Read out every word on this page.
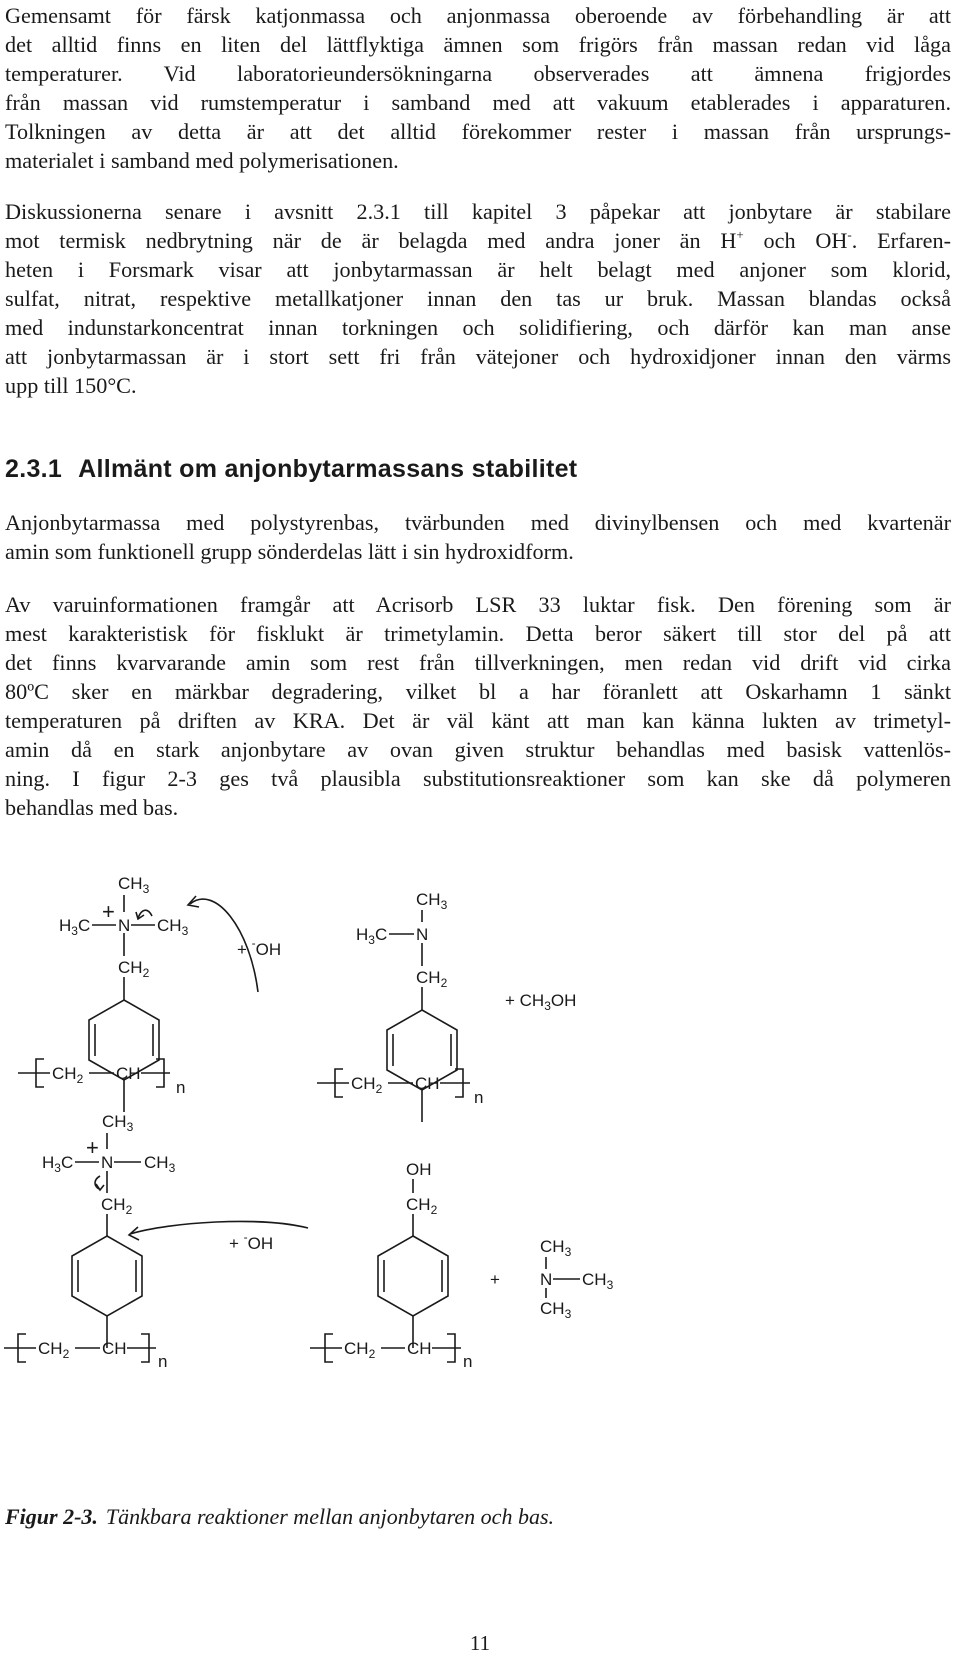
Gemensamt för färsk katjonmassa och anjonmassa oberoende av förbehandling är att
det alltid finns en liten del lättflyktiga ämnen som frigörs från massan redan vid låga
temperaturer. Vid laboratorieundersökningarna observerades att ämnena frigjordes
från massan vid rumstemperatur i samband med att vakuum etablerades i apparaturen.
Tolkningen av detta är att det alltid förekommer rester i massan från ursprungs-
materialet i samband med polymerisationen.
Diskussionerna senare i avsnitt 2.3.1 till kapitel 3 påpekar att jonbytare är stabilare
mot termisk nedbrytning när de är belagda med andra joner än H+ och OH-. Erfaren-
heten i Forsmark visar att jonbytarmassan är helt belagt med anjoner som klorid,
sulfat, nitrat, respektive metallkatjoner innan den tas ur bruk. Massan blandas också
med indunstarkoncentrat innan torkningen och solidifiering, och därför kan man anse
att jonbytarmassan är i stort sett fri från vätejoner och hydroxidjoner innan den värms
upp till 150°C.
2.3.1 Allmänt om anjonbytarmassans stabilitet
Anjonbytarmassa med polystyrenbas, tvärbunden med divinylbensen och med kvartenär
amin som funktionell grupp sönderdelas lätt i sin hydroxidform.
Av varuinformationen framgår att Acrisorb LSR 33 luktar fisk. Den förening som är
mest karakteristisk för fisklukt är trimetylamin. Detta beror säkert till stor del på att
det finns kvarvarande amin som rest från tillverkningen, men redan vid drift vid cirka
80ºC sker en märkbar degradering, vilket bl a har föranlett att Oskarhamn 1 sänkt
temperaturen på driften av KRA. Det är väl känt att man kan känna lukten av trimetyl-
amin då en stark anjonbytare av ovan given struktur behandlas med basisk vattenlös-
ning. I figur 2-3 ges två plausibla substitutionsreaktioner som kan ske då polymeren
behandlas med bas.
$CH_3$
$H_3C$
+
N $CH_3$
$CH_2$
$CH_2$ CH
n
+ -OH
$CH_3$
$H_3C$ N
$CH_2$
$CH_2$ CH
n
+ $CH_3OH$
$CH_3$
+
$H_3C$ N $CH_3$
$CH_2$
$CH_2$ CH
n
+ -OH
OH
$CH_2$
$CH_2$ CH
n
+
$CH_3$
N $CH_3$
$CH_3$

Figur 2-3. Tänkbara reaktioner mellan anjonbytaren och bas.

11
